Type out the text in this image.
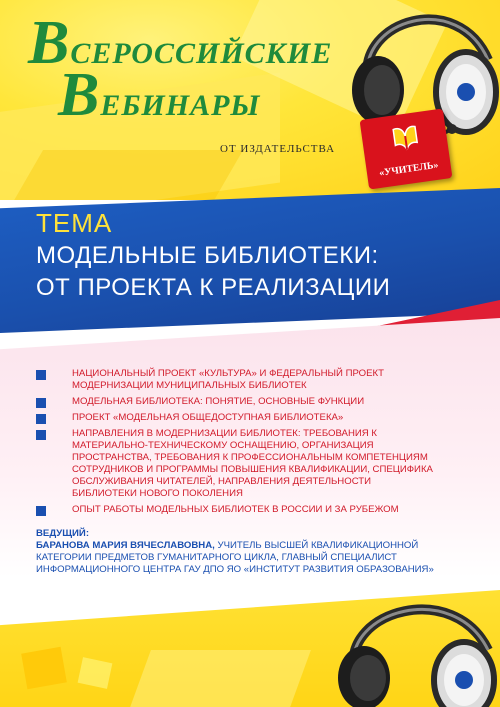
ВСЕРОССИЙСКИЕ
ВЕБИНАРЫ
ОТ ИЗДАТЕЛЬСТВА
«УЧИТЕЛЬ»
ТЕМА
МОДЕЛЬНЫЕ БИБЛИОТЕКИ:
ОТ ПРОЕКТА К РЕАЛИЗАЦИИ
НАЦИОНАЛЬНЫЙ ПРОЕКТ «КУЛЬТУРА» И ФЕДЕРАЛЬНЫЙ ПРОЕКТ МОДЕРНИЗАЦИИ МУНИЦИПАЛЬНЫХ БИБЛИОТЕК
МОДЕЛЬНАЯ БИБЛИОТЕКА: ПОНЯТИЕ, ОСНОВНЫЕ ФУНКЦИИ
ПРОЕКТ «МОДЕЛЬНАЯ ОБЩЕДОСТУПНАЯ БИБЛИОТЕКА»
НАПРАВЛЕНИЯ В МОДЕРНИЗАЦИИ БИБЛИОТЕК: ТРЕБОВАНИЯ К МАТЕРИАЛЬНО-ТЕХНИЧЕСКОМУ ОСНАЩЕНИЮ, ОРГАНИЗАЦИЯ ПРОСТРАНСТВА, ТРЕБОВАНИЯ К ПРОФЕССИОНАЛЬНЫМ КОМПЕТЕНЦИЯМ СОТРУДНИКОВ И ПРОГРАММЫ ПОВЫШЕНИЯ КВАЛИФИКАЦИИ, СПЕЦИФИКА ОБСЛУЖИВАНИЯ ЧИТАТЕЛЕЙ, НАПРАВЛЕНИЯ ДЕЯТЕЛЬНОСТИ БИБЛИОТЕКИ НОВОГО ПОКОЛЕНИЯ
ОПЫТ РАБОТЫ МОДЕЛЬНЫХ БИБЛИОТЕК В РОССИИ И ЗА РУБЕЖОМ
ВЕДУЩИЙ:
БАРАНОВА МАРИЯ ВЯЧЕСЛАВОВНА, УЧИТЕЛЬ ВЫСШЕЙ КВАЛИФИКАЦИОННОЙ КАТЕГОРИИ ПРЕДМЕТОВ ГУМАНИТАРНОГО ЦИКЛА, ГЛАВНЫЙ СПЕЦИАЛИСТ ИНФОРМАЦИОННОГО ЦЕНТРА ГАУ ДПО ЯО «ИНСТИТУТ РАЗВИТИЯ ОБРАЗОВАНИЯ»
